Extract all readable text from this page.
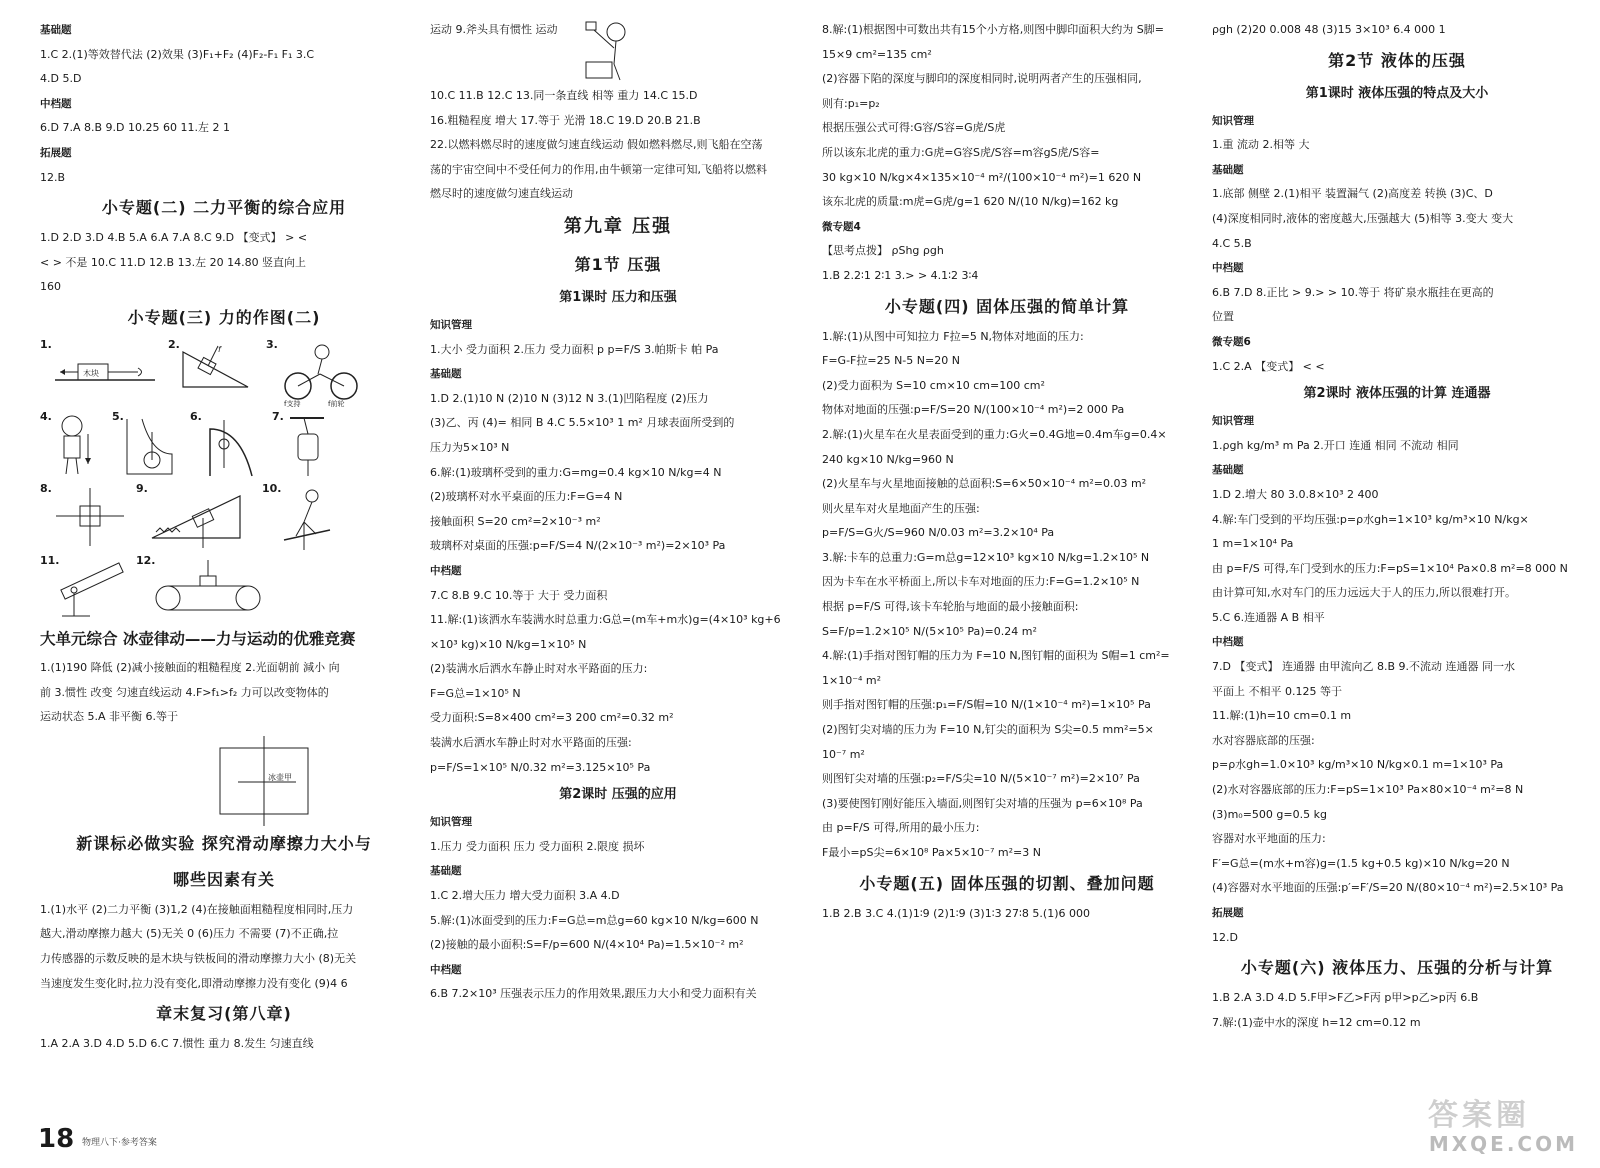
基础题
1.C 2.(1)等效替代法 (2)效果 (3)F₁+F₂ (4)F₂-F₁ F₁ 3.C
4.D 5.D
中档题
6.D 7.A 8.B 9.D 10.25 60 11.左 2 1
拓展题
12.B
小专题(二) 二力平衡的综合应用
1.D 2.D 3.D 4.B 5.A 6.A 7.A 8.C 9.D 【变式】 > <
< > 不是 10.C 11.D 12.B 13.左 20 14.80 竖直向上
160
小专题(三) 力的作图(二)
1.
木块
2.	f	3.
f支持	f前轮
4.	5.	6.	7.
8.	9.	10.
11.	12.
大单元综合 冰壶律动——力与运动的优雅竞赛
1.(1)190 降低 (2)减小接触面的粗糙程度 2.光面朝前 減小 向
前 3.惯性 改变 匀速直线运动 4.F>f₁>f₂ 力可以改变物体的
运动状态 5.A 非平衡 6.等于
冰壶甲
新课标必做实验 探究滑动摩擦力大小与
哪些因素有关
1.(1)水平 (2)二力平衡 (3)1,2 (4)在接触面粗糙程度相同时,压力
越大,滑动摩擦力越大 (5)无关 0 (6)压力 不需要 (7)不正确,拉
力传感器的示数反映的是木块与铁板间的滑动摩擦力大小 (8)无关
当速度发生变化时,拉力没有变化,即滑动摩擦力没有变化 (9)4 6
章末复习(第八章)
1.A 2.A 3.D 4.D 5.D 6.C 7.惯性 重力 8.发生 匀速直线
运动 9.斧头具有惯性 运动
10.C 11.B 12.C 13.同一条直线 相等 重力 14.C 15.D
16.粗糙程度 增大 17.等于 光滑 18.C 19.D 20.B 21.B
22.以燃料燃尽时的速度做匀速直线运动 假如燃料燃尽,则飞船在空荡
荡的宇宙空间中不受任何力的作用,由牛顿第一定律可知,飞船将以燃料
燃尽时的速度做匀速直线运动
第九章 压强
第1节 压强
第1课时 压力和压强
知识管理
1.大小 受力面积 2.压力 受力面积 p p=F/S 3.帕斯卡 帕 Pa
基础题
1.D 2.(1)10 N (2)10 N (3)12 N 3.(1)凹陷程度 (2)压力
(3)乙、丙 (4)= 相同 B 4.C 5.5×10³ 1 m² 月球表面所受到的
压力为5×10³ N
6.解:(1)玻璃杯受到的重力:G=mg=0.4 kg×10 N/kg=4 N
(2)玻璃杯对水平桌面的压力:F=G=4 N
接触面积 S=20 cm²=2×10⁻³ m²
玻璃杯对桌面的压强:p=F/S=4 N/(2×10⁻³ m²)=2×10³ Pa
中档题
7.C 8.B 9.C 10.等于 大于 受力面积
11.解:(1)该洒水车装满水时总重力:G总=(m车+m水)g=(4×10³ kg+6
×10³ kg)×10 N/kg=1×10⁵ N
(2)装满水后洒水车静止时对水平路面的压力:
F=G总=1×10⁵ N
受力面积:S=8×400 cm²=3 200 cm²=0.32 m²
装满水后洒水车静止时对水平路面的压强:
p=F/S=1×10⁵ N/0.32 m²=3.125×10⁵ Pa
第2课时 压强的应用
知识管理
1.压力 受力面积 压力 受力面积 2.限度 损坏
基础题
1.C 2.增大压力 增大受力面积 3.A 4.D
5.解:(1)冰面受到的压力:F=G总=m总g=60 kg×10 N/kg=600 N
(2)接触的最小面积:S=F/p=600 N/(4×10⁴ Pa)=1.5×10⁻² m²
中档题
6.B 7.2×10³ 压强表示压力的作用效果,跟压力大小和受力面积有关
8.解:(1)根据图中可数出共有15个小方格,则图中脚印面积大约为 S脚=
15×9 cm²=135 cm²
(2)容器下陷的深度与脚印的深度相同时,说明两者产生的压强相同,
则有:p₁=p₂
根据压强公式可得:G容/S容=G虎/S虎
所以该东北虎的重力:G虎=G容S虎/S容=m容gS虎/S容=
30 kg×10 N/kg×4×135×10⁻⁴ m²/(100×10⁻⁴ m²)=1 620 N
该东北虎的质量:m虎=G虎/g=1 620 N/(10 N/kg)=162 kg
微专题4
【思考点拨】 ρShg ρgh
1.B 2.2∶1 2∶1 3.> > 4.1∶2 3∶4
小专题(四) 固体压强的简单计算
1.解:(1)从图中可知拉力 F拉=5 N,物体对地面的压力:
F=G-F拉=25 N-5 N=20 N
(2)受力面积为 S=10 cm×10 cm=100 cm²
物体对地面的压强:p=F/S=20 N/(100×10⁻⁴ m²)=2 000 Pa
2.解:(1)火星车在火星表面受到的重力:G火=0.4G地=0.4m车g=0.4×
240 kg×10 N/kg=960 N
(2)火星车与火星地面接触的总面积:S=6×50×10⁻⁴ m²=0.03 m²
则火星车对火星地面产生的压强:
p=F/S=G火/S=960 N/0.03 m²=3.2×10⁴ Pa
3.解:卡车的总重力:G=m总g=12×10³ kg×10 N/kg=1.2×10⁵ N
因为卡车在水平桥面上,所以卡车对地面的压力:F=G=1.2×10⁵ N
根据 p=F/S 可得,该卡车轮胎与地面的最小接触面积:
S=F/p=1.2×10⁵ N/(5×10⁵ Pa)=0.24 m²
4.解:(1)手指对图钉帽的压力为 F=10 N,图钉帽的面积为 S帽=1 cm²=
1×10⁻⁴ m²
则手指对图钉帽的压强:p₁=F/S帽=10 N/(1×10⁻⁴ m²)=1×10⁵ Pa
(2)图钉尖对墙的压力为 F=10 N,钉尖的面积为 S尖=0.5 mm²=5×
10⁻⁷ m²
则图钉尖对墙的压强:p₂=F/S尖=10 N/(5×10⁻⁷ m²)=2×10⁷ Pa
(3)要使图钉刚好能压入墙面,则图钉尖对墙的压强为 p=6×10⁸ Pa
由 p=F/S 可得,所用的最小压力:
F最小=pS尖=6×10⁸ Pa×5×10⁻⁷ m²=3 N
小专题(五) 固体压强的切割、叠加问题
1.B 2.B 3.C 4.(1)1∶9 (2)1∶9 (3)1∶3 27∶8 5.(1)6 000
ρgh (2)20 0.008 48 (3)15 3×10³ 6.4 000 1
第2节 液体的压强
第1课时 液体压强的特点及大小
知识管理
1.重 流动 2.相等 大
基础题
1.底部 侧壁 2.(1)相平 装置漏气 (2)高度差 转换 (3)C、D
(4)深度相同时,液体的密度越大,压强越大 (5)相等 3.变大 变大
4.C 5.B
中档题
6.B 7.D 8.正比 > 9.> > 10.等于 将矿泉水瓶挂在更高的
位置
微专题6
1.C 2.A 【变式】 < <
第2课时 液体压强的计算 连通器
知识管理
1.ρgh kg/m³ m Pa 2.开口 连通 相同 不流动 相同
基础题
1.D 2.增大 80 3.0.8×10³ 2 400
4.解:车门受到的平均压强:p=ρ水gh=1×10³ kg/m³×10 N/kg×
1 m=1×10⁴ Pa
由 p=F/S 可得,车门受到水的压力:F=pS=1×10⁴ Pa×0.8 m²=8 000 N
由计算可知,水对车门的压力远远大于人的压力,所以很难打开。
5.C 6.连通器 A B 相平
中档题
7.D 【变式】 连通器 由甲流向乙 8.B 9.不流动 连通器 同一水
平面上 不相平 0.125 等于
11.解:(1)h=10 cm=0.1 m
水对容器底部的压强:
p=ρ水gh=1.0×10³ kg/m³×10 N/kg×0.1 m=1×10³ Pa
(2)水对容器底部的压力:F=pS=1×10³ Pa×80×10⁻⁴ m²=8 N
(3)m₀=500 g=0.5 kg
容器对水平地面的压力:
F′=G总=(m水+m容)g=(1.5 kg+0.5 kg)×10 N/kg=20 N
(4)容器对水平地面的压强:p′=F′/S=20 N/(80×10⁻⁴ m²)=2.5×10³ Pa
拓展题
12.D
小专题(六) 液体压力、压强的分析与计算
1.B 2.A 3.D 4.D 5.F甲>F乙>F丙 p甲>p乙>p丙 6.B
7.解:(1)壶中水的深度 h=12 cm=0.12 m
18 物理八下·参考答案
答案圈
MXQE.COM
